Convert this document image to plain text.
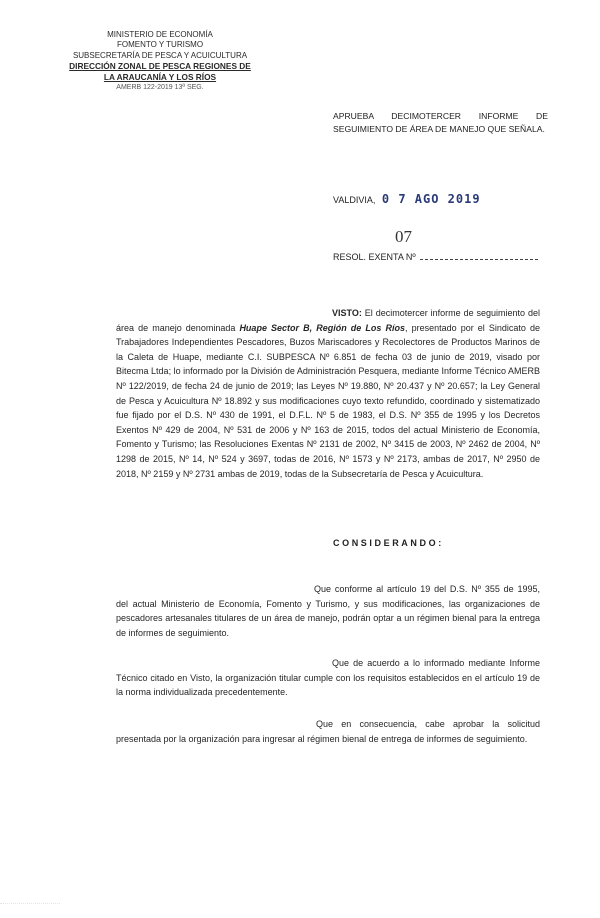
MINISTERIO DE ECONOMÍA
FOMENTO Y TURISMO
SUBSECRETARÍA DE PESCA Y ACUICULTURA
DIRECCIÓN ZONAL DE PESCA REGIONES DE
LA ARAUCANÍA Y LOS RÍOS
AMERB 122-2019 13ª SEG.
APRUEBA DECIMOTERCER INFORME DE SEGUIMIENTO DE ÁREA DE MANEJO QUE SEÑALA.
VALDIVIA, 0 7 AGO 2019
07
RESOL. EXENTA Nº
VISTO: El decimotercer informe de seguimiento del área de manejo denominada Huape Sector B, Región de Los Ríos, presentado por el Sindicato de Trabajadores Independientes Pescadores, Buzos Mariscadores y Recolectores de Productos Marinos de la Caleta de Huape, mediante C.I. SUBPESCA Nº 6.851 de fecha 03 de junio de 2019, visado por Bitecma Ltda; lo informado por la División de Administración Pesquera, mediante Informe Técnico AMERB Nº 122/2019, de fecha 24 de junio de 2019; las Leyes Nº 19.880, Nº 20.437 y Nº 20.657; la Ley General de Pesca y Acuicultura Nº 18.892 y sus modificaciones cuyo texto refundido, coordinado y sistematizado fue fijado por el D.S. Nº 430 de 1991, el D.F.L. Nº 5 de 1983, el D.S. Nº 355 de 1995 y los Decretos Exentos Nº 429 de 2004, Nº 531 de 2006 y Nº 163 de 2015, todos del actual Ministerio de Economía, Fomento y Turismo; las Resoluciones Exentas Nº 2131 de 2002, Nº 3415 de 2003, Nº 2462 de 2004, Nº 1298 de 2015, Nº 14, Nº 524 y 3697, todas de 2016, Nº 1573 y Nº 2173, ambas de 2017, Nº 2950 de 2018, Nº 2159 y Nº 2731 ambas de 2019, todas de la Subsecretaría de Pesca y Acuicultura.
CONSIDERANDO:
Que conforme al artículo 19 del D.S. Nº 355 de 1995, del actual Ministerio de Economía, Fomento y Turismo, y sus modificaciones, las organizaciones de pescadores artesanales titulares de un área de manejo, podrán optar a un régimen bienal para la entrega de informes de seguimiento.
Que de acuerdo a lo informado mediante Informe Técnico citado en Visto, la organización titular cumple con los requisitos establecidos en el artículo 19 de la norma individualizada precedentemente.
Que en consecuencia, cabe aprobar la solicitud presentada por la organización para ingresar al régimen bienal de entrega de informes de seguimiento.
